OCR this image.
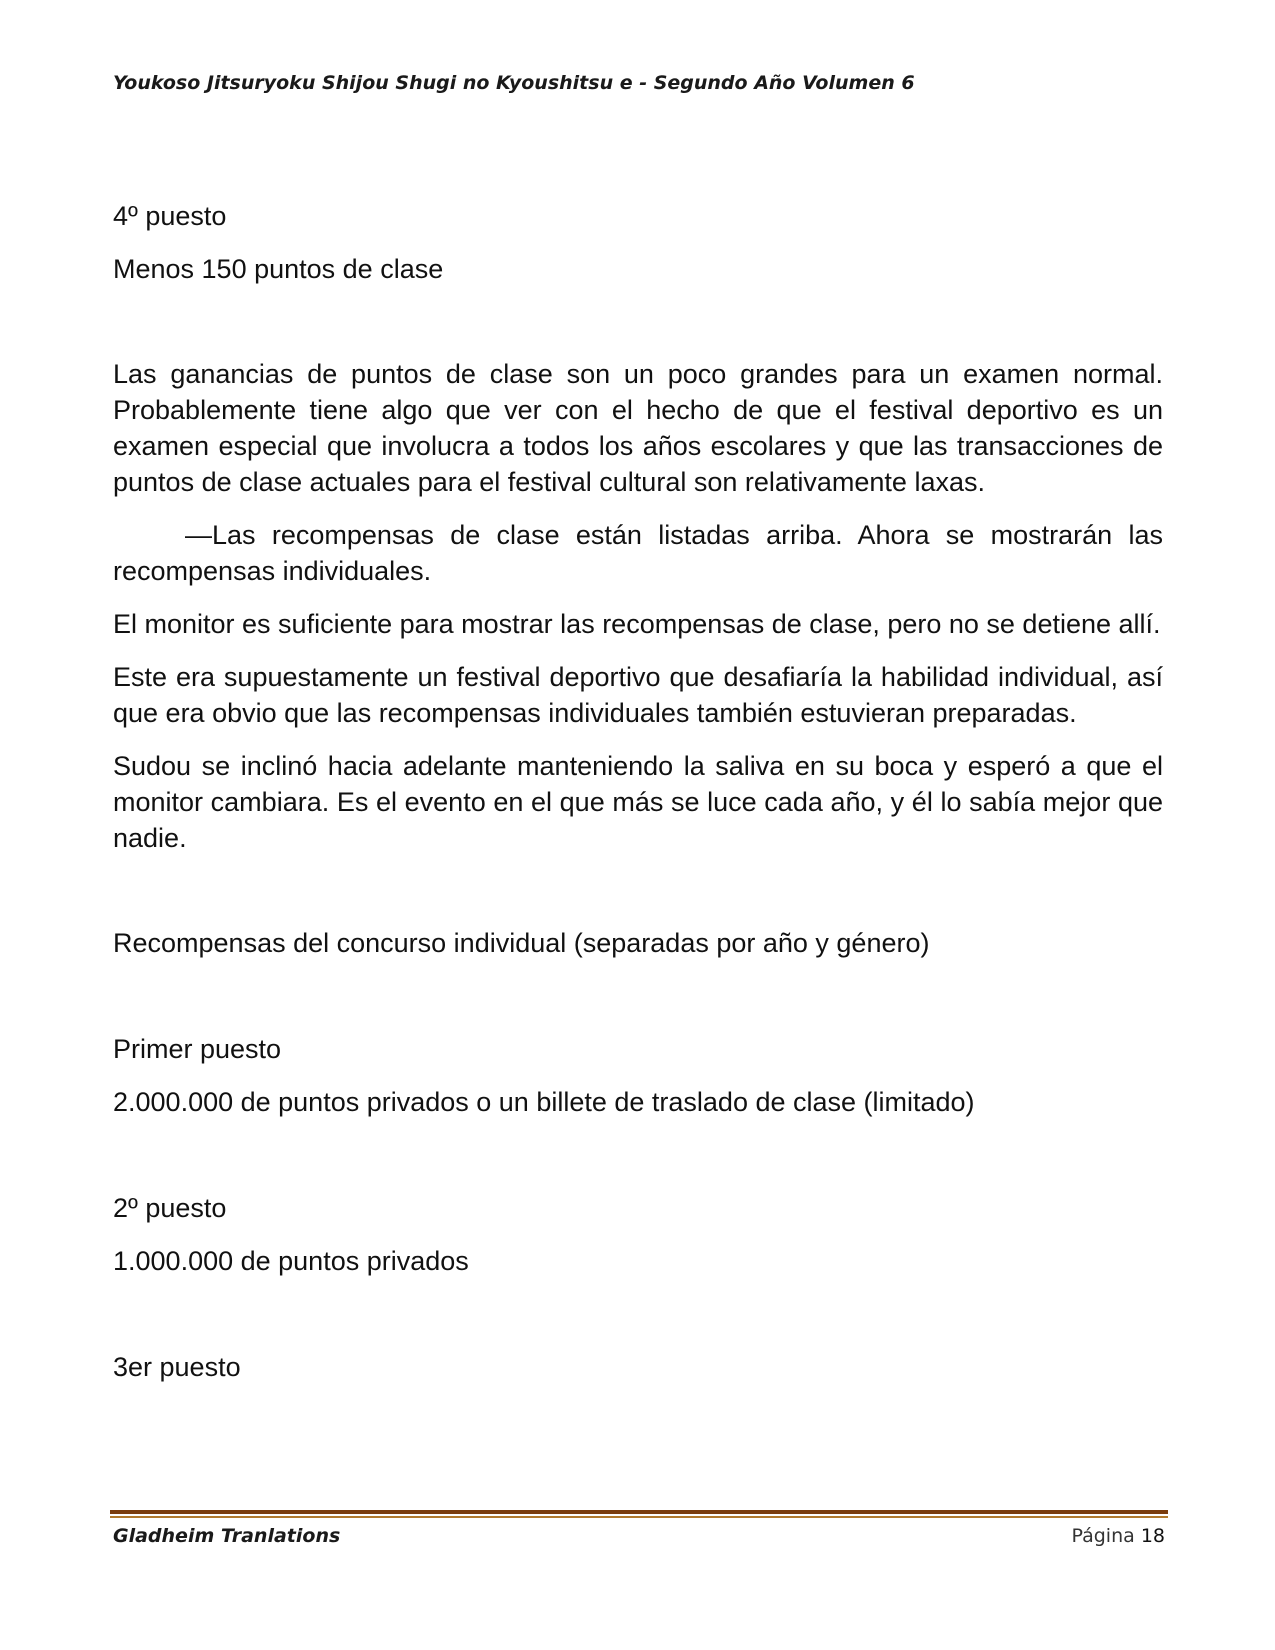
Youkoso Jitsuryoku Shijou Shugi no Kyoushitsu e - Segundo Año Volumen 6

4º puesto

Menos 150 puntos de clase

Las ganancias de puntos de clase son un poco grandes para un examen normal. Probablemente tiene algo que ver con el hecho de que el festival deportivo es un examen especial que involucra a todos los años escolares y que las transacciones de puntos de clase actuales para el festival cultural son relativamente laxas.

—Las recompensas de clase están listadas arriba. Ahora se mostrarán las recompensas individuales.

El monitor es suficiente para mostrar las recompensas de clase, pero no se detiene allí.

Este era supuestamente un festival deportivo que desafiaría la habilidad individual, así que era obvio que las recompensas individuales también estuvieran preparadas.

Sudou se inclinó hacia adelante manteniendo la saliva en su boca y esperó a que el monitor cambiara. Es el evento en el que más se luce cada año, y él lo sabía mejor que nadie.

Recompensas del concurso individual (separadas por año y género)

Primer puesto

2.000.000 de puntos privados o un billete de traslado de clase (limitado)

2º puesto

1.000.000 de puntos privados

3er puesto

Gladheim Tranlations	Página 18
